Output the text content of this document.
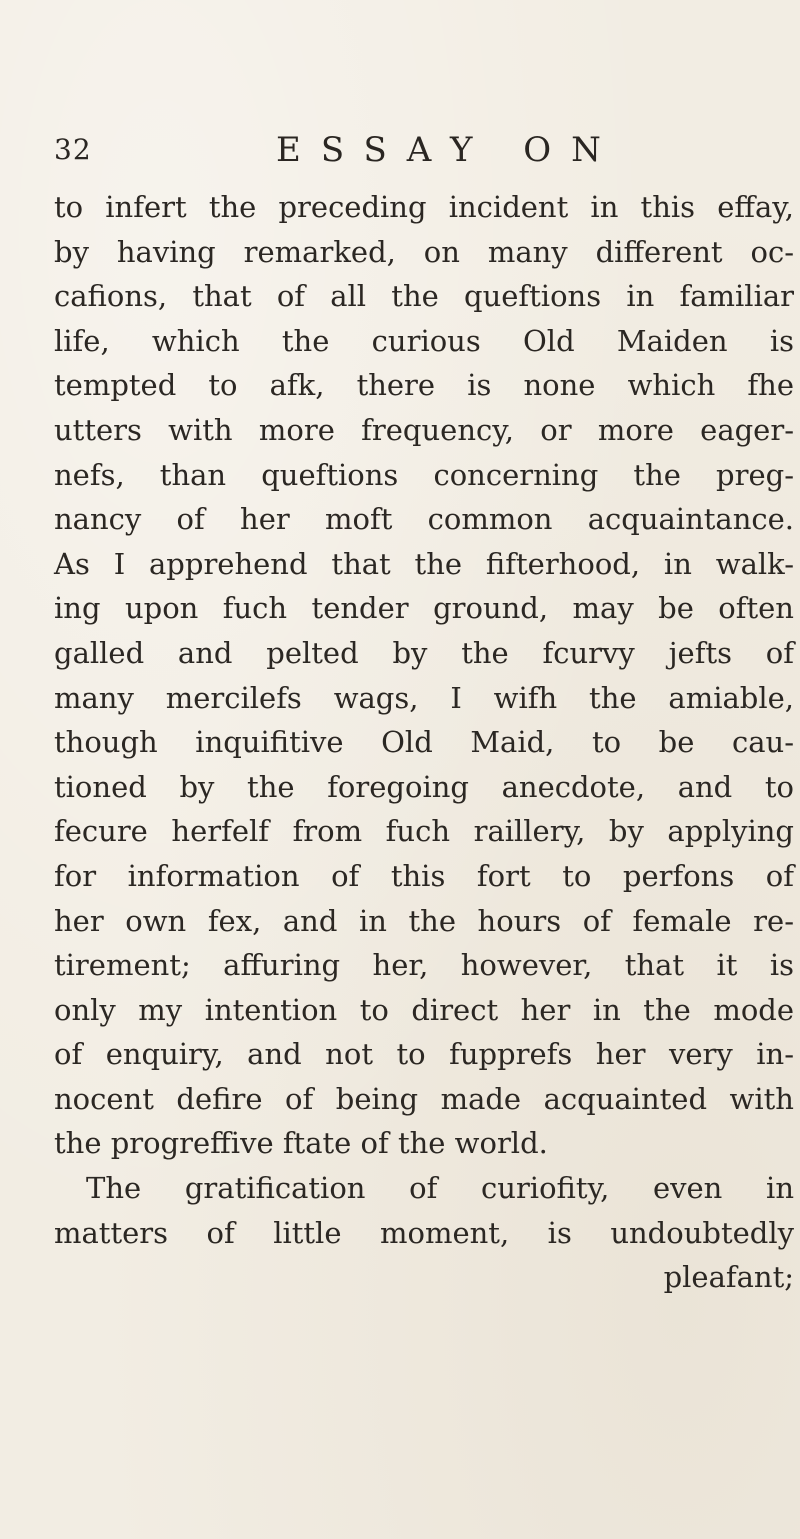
32	ESSAY ON
to infert the preceding incident in this effay,
by having remarked, on many different oc-
cafions, that of all the queftions in familiar
life, which the curious Old Maiden is
tempted to afk, there is none which fhe
utters with more frequency, or more eager-
nefs, than queftions concerning the preg-
nancy of her moft common acquaintance.
As I apprehend that the fifterhood, in walk-
ing upon fuch tender ground, may be often
galled and pelted by the fcurvy jefts of
many mercilefs wags, I wifh the amiable,
though inquifitive Old Maid, to be cau-
tioned by the foregoing anecdote, and to
fecure herfelf from fuch raillery, by applying
for information of this fort to perfons of
her own fex, and in the hours of female re-
tirement; affuring her, however, that it is
only my intention to direct her in the mode
of enquiry, and not to fupprefs her very in-
nocent defire of being made acquainted with
the progreffive ftate of the world.
The gratification of curiofity, even in
matters of little moment, is undoubtedly
pleafant;
